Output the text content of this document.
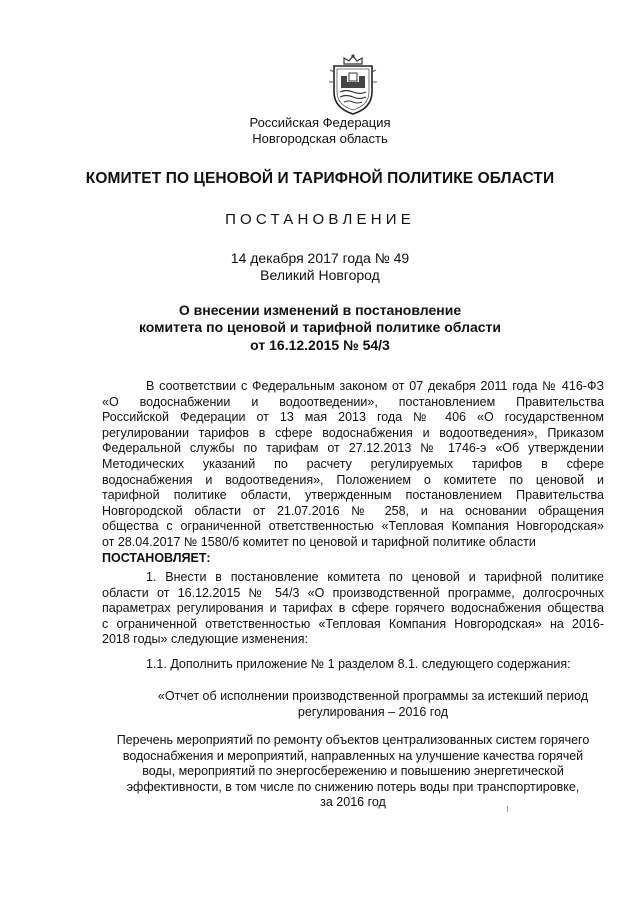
Российская Федерация
Новгородская область
КОМИТЕТ ПО ЦЕНОВОЙ И ТАРИФНОЙ ПОЛИТИКЕ ОБЛАСТИ
ПОСТАНОВЛЕНИЕ
14 декабря 2017 года № 49
Великий Новгород
О внесении изменений в постановление
комитета по ценовой и тарифной политике области
от 16.12.2015 № 54/3

В соответствии с Федеральным законом от 07 декабря 2011 года № 416-ФЗ

«О водоснабжении и водоотведении», постановлением Правительства

Российской Федерации от 13 мая 2013 года № 406 «О государственном

регулировании тарифов в сфере водоснабжения и водоотведения», Приказом

Федеральной службы по тарифам от 27.12.2013 № 1746-э «Об утверждении

Методических указаний по расчету регулируемых тарифов в сфере

водоснабжения и водоотведения», Положением о комитете по ценовой и

тарифной политике области, утвержденным постановлением Правительства

Новгородской области от 21.07.2016 № 258, и на основании обращения

общества с ограниченной ответственностью «Тепловая Компания Новгородская»

от 28.04.2017 № 1580/б комитет по ценовой и тарифной политике области

ПОСТАНОВЛЯЕТ:

1. Внести в постановление комитета по ценовой и тарифной политике

области от 16.12.2015 № 54/3 «О производственной программе, долгосрочных

параметрах регулирования и тарифах в сфере горячего водоснабжения общества

с ограниченной ответственностью «Тепловая Компания Новгородская» на 2016-

2018 годы» следующие изменения:

1.1. Дополнить приложение № 1 разделом 8.1. следующего содержания:

«Отчет об исполнении производственной программы за истекший период

регулирования – 2016 год

Перечень мероприятий по ремонту объектов централизованных систем горячего

водоснабжения и мероприятий, направленных на улучшение качества горячей

воды, мероприятий по энергосбережению и повышению энергетической

эффективности, в том числе по снижению потерь воды при транспортировке,

за 2016 год
